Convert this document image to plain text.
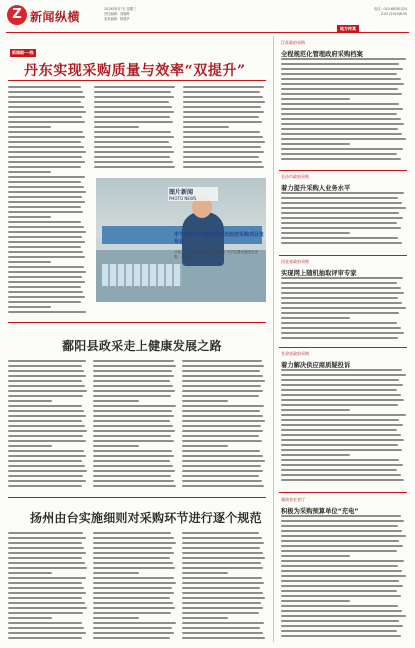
Z 新闻纵横
2019年8月7日 星期三
责任编辑：刘晓辉
美术编辑：林建华
电话：010-68391324
Z-02 (2019)6.05
地方传真
新闻眼·一线
丹东实现采购质量与效率“双提升”
图片新闻
PHOTO NEWS
毕节市中学仪器设备阳光政府采购项目发布会
日前，毕节市政府采购中心开展了中学仪器设备阳光采购，公开透明。
鄱阳县政采走上健康发展之路
扬州由台实施细则对采购环节进行逐个规范
江苏政府采购
全程规范化管理政府采购档案
长沙市政府采购
着力提升采购人业务水平
河北省政府采购
实现网上随机抽取评审专家
甘肃省政府采购
着力解决供应商质疑投诉
湖南省农业厅
积极为采购预算单位“充电”
